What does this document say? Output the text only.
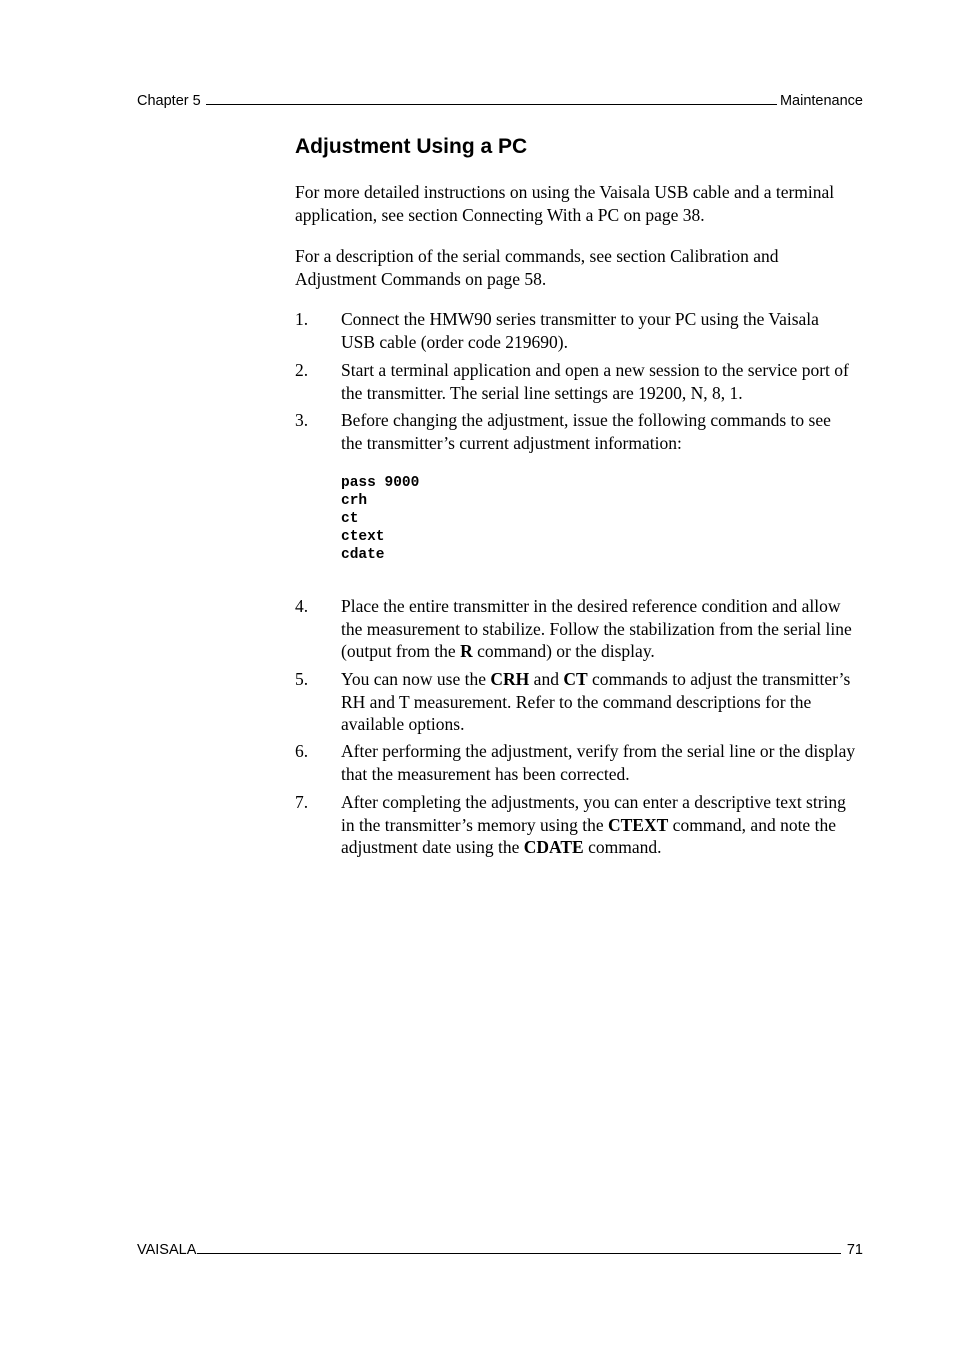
Chapter 5	Maintenance
Adjustment Using a PC

For more detailed instructions on using the Vaisala USB cable and a terminal application, see section Connecting With a PC on page 38.

For a description of the serial commands, see section Calibration and Adjustment Commands on page 58.

1. Connect the HMW90 series transmitter to your PC using the Vaisala USB cable (order code 219690).
2. Start a terminal application and open a new session to the service port of the transmitter. The serial line settings are 19200, N, 8, 1.
3. Before changing the adjustment, issue the following commands to see the transmitter’s current adjustment information:
pass 9000
crh
ct
ctext
cdate
4. Place the entire transmitter in the desired reference condition and allow the measurement to stabilize. Follow the stabilization from the serial line (output from the R command) or the display.
5. You can now use the CRH and CT commands to adjust the transmitter’s RH and T measurement. Refer to the command descriptions for the available options.
6. After performing the adjustment, verify from the serial line or the display that the measurement has been corrected.
7. After completing the adjustments, you can enter a descriptive text string in the transmitter’s memory using the CTEXT command, and note the adjustment date using the CDATE command.
VAISALA	71
